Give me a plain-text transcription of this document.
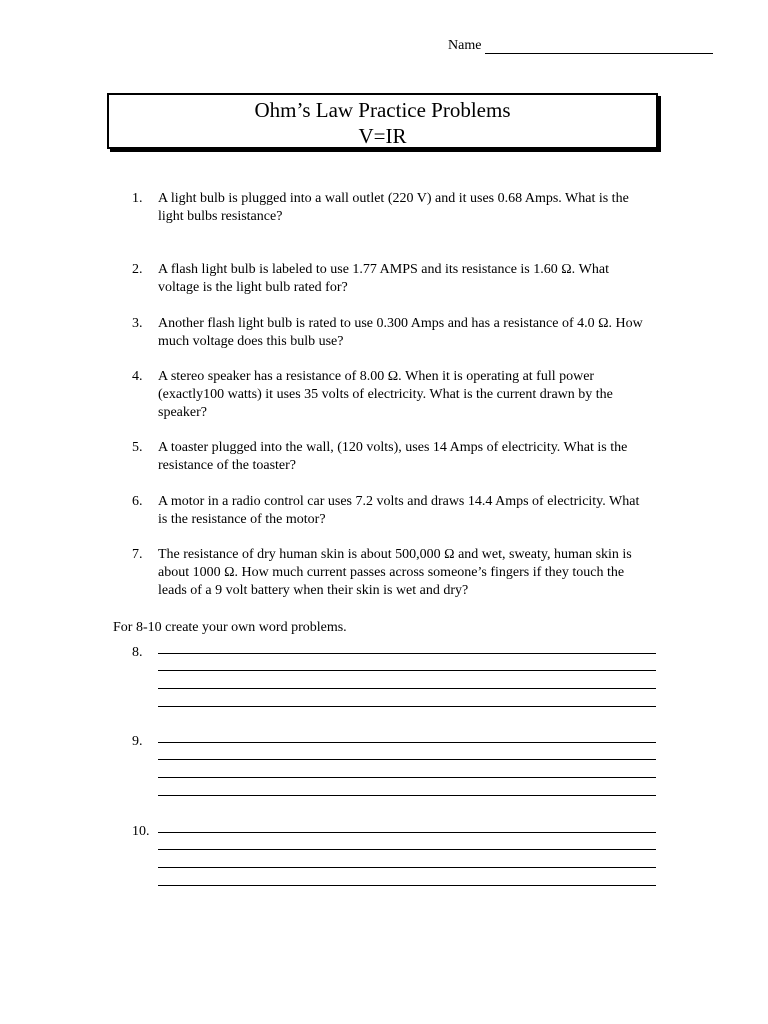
Name
Ohm’s Law Practice Problems
V=IR
1.	A light bulb is plugged into a wall outlet (220 V) and it uses 0.68 Amps. What is the light bulbs resistance?
2.	A flash light bulb is labeled to use 1.77 AMPS and its resistance is 1.60 Ω. What voltage is the light bulb rated for?
3.	Another flash light bulb is rated to use 0.300 Amps and has a resistance of 4.0 Ω. How much voltage does this bulb use?
4.	A stereo speaker has a resistance of 8.00 Ω. When it is operating at full power (exactly100 watts) it uses 35 volts of electricity. What is the current drawn by the speaker?
5.	A toaster plugged into the wall, (120 volts), uses 14 Amps of electricity. What is the resistance of the toaster?
6.	A motor in a radio control car uses 7.2 volts and draws 14.4 Amps of electricity. What is the resistance of the motor?
7.	The resistance of dry human skin is about 500,000 Ω and wet, sweaty, human skin is about 1000 Ω. How much current passes across someone’s fingers if they touch the leads of a 9 volt battery when their skin is wet and dry?
For 8-10 create your own word problems.
8.
9.
10.
